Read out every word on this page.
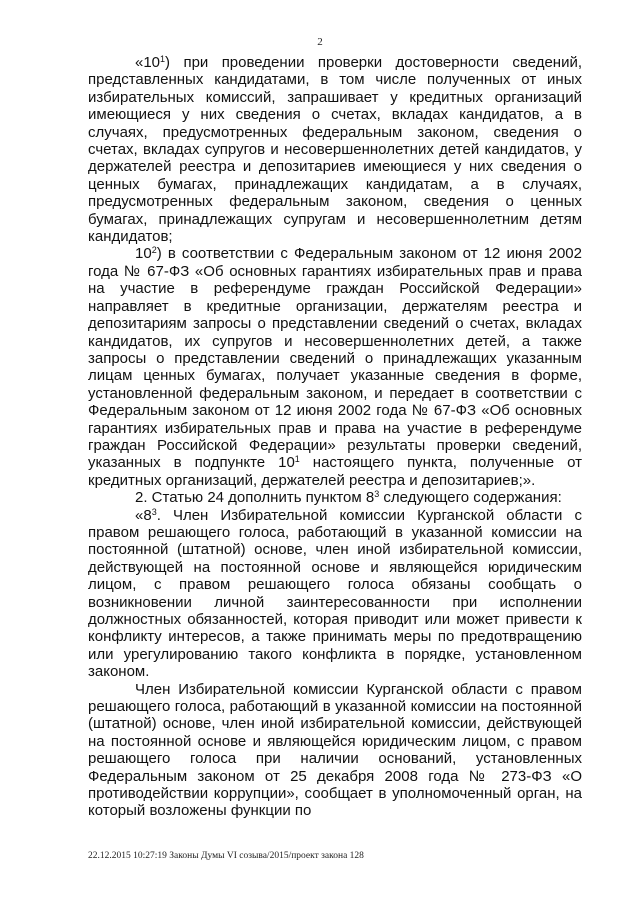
2

«$10^1$) при проведении проверки достоверности сведений, представленных кандидатами, в том числе полученных от иных избирательных комиссий, запрашивает у кредитных организаций имеющиеся у них сведения о счетах, вкладах кандидатов, а в случаях, предусмотренных федеральным законом, сведения о счетах, вкладах супругов и несовершеннолетних детей кандидатов, у держателей реестра и депозитариев имеющиеся у них сведения о ценных бумагах, принадлежащих кандидатам, а в случаях, предусмотренных федеральным законом, сведения о ценных бумагах, принадлежащих супругам и несовершеннолетним детям кандидатов;

$10^2$) в соответствии с Федеральным законом от 12 июня 2002 года № 67-ФЗ «Об основных гарантиях избирательных прав и права на участие в референдуме граждан Российской Федерации» направляет в кредитные организации, держателям реестра и депозитариям запросы о представлении сведений о счетах, вкладах кандидатов, их супругов и несовершеннолетних детей, а также запросы о представлении сведений о принадлежащих указанным лицам ценных бумагах, получает указанные сведения в форме, установленной федеральным законом, и передает в соответствии с Федеральным законом от 12 июня 2002 года № 67-ФЗ «Об основных гарантиях избирательных прав и права на участие в референдуме граждан Российской Федерации» результаты проверки сведений, указанных в подпункте $10^1$ настоящего пункта, полученные от кредитных организаций, держателей реестра и депозитариев;».

2. Статью 24 дополнить пунктом $8^3$ следующего содержания:

«$8^3$. Член Избирательной комиссии Курганской области с правом решающего голоса, работающий в указанной комиссии на постоянной (штатной) основе, член иной избирательной комиссии, действующей на постоянной основе и являющейся юридическим лицом, с правом решающего голоса обязаны сообщать о возникновении личной заинтересованности при исполнении должностных обязанностей, которая приводит или может привести к конфликту интересов, а также принимать меры по предотвращению или урегулированию такого конфликта в порядке, установленном законом.

Член Избирательной комиссии Курганской области с правом решающего голоса, работающий в указанной комиссии на постоянной (штатной) основе, член иной избирательной комиссии, действующей на постоянной основе и являющейся юридическим лицом, с правом решающего голоса при наличии оснований, установленных Федеральным законом от 25 декабря 2008 года № 273-ФЗ «О противодействии коррупции», сообщает в уполномоченный орган, на который возложены функции по

22.12.2015 10:27:19 Законы Думы VI созыва/2015/проект закона 128
